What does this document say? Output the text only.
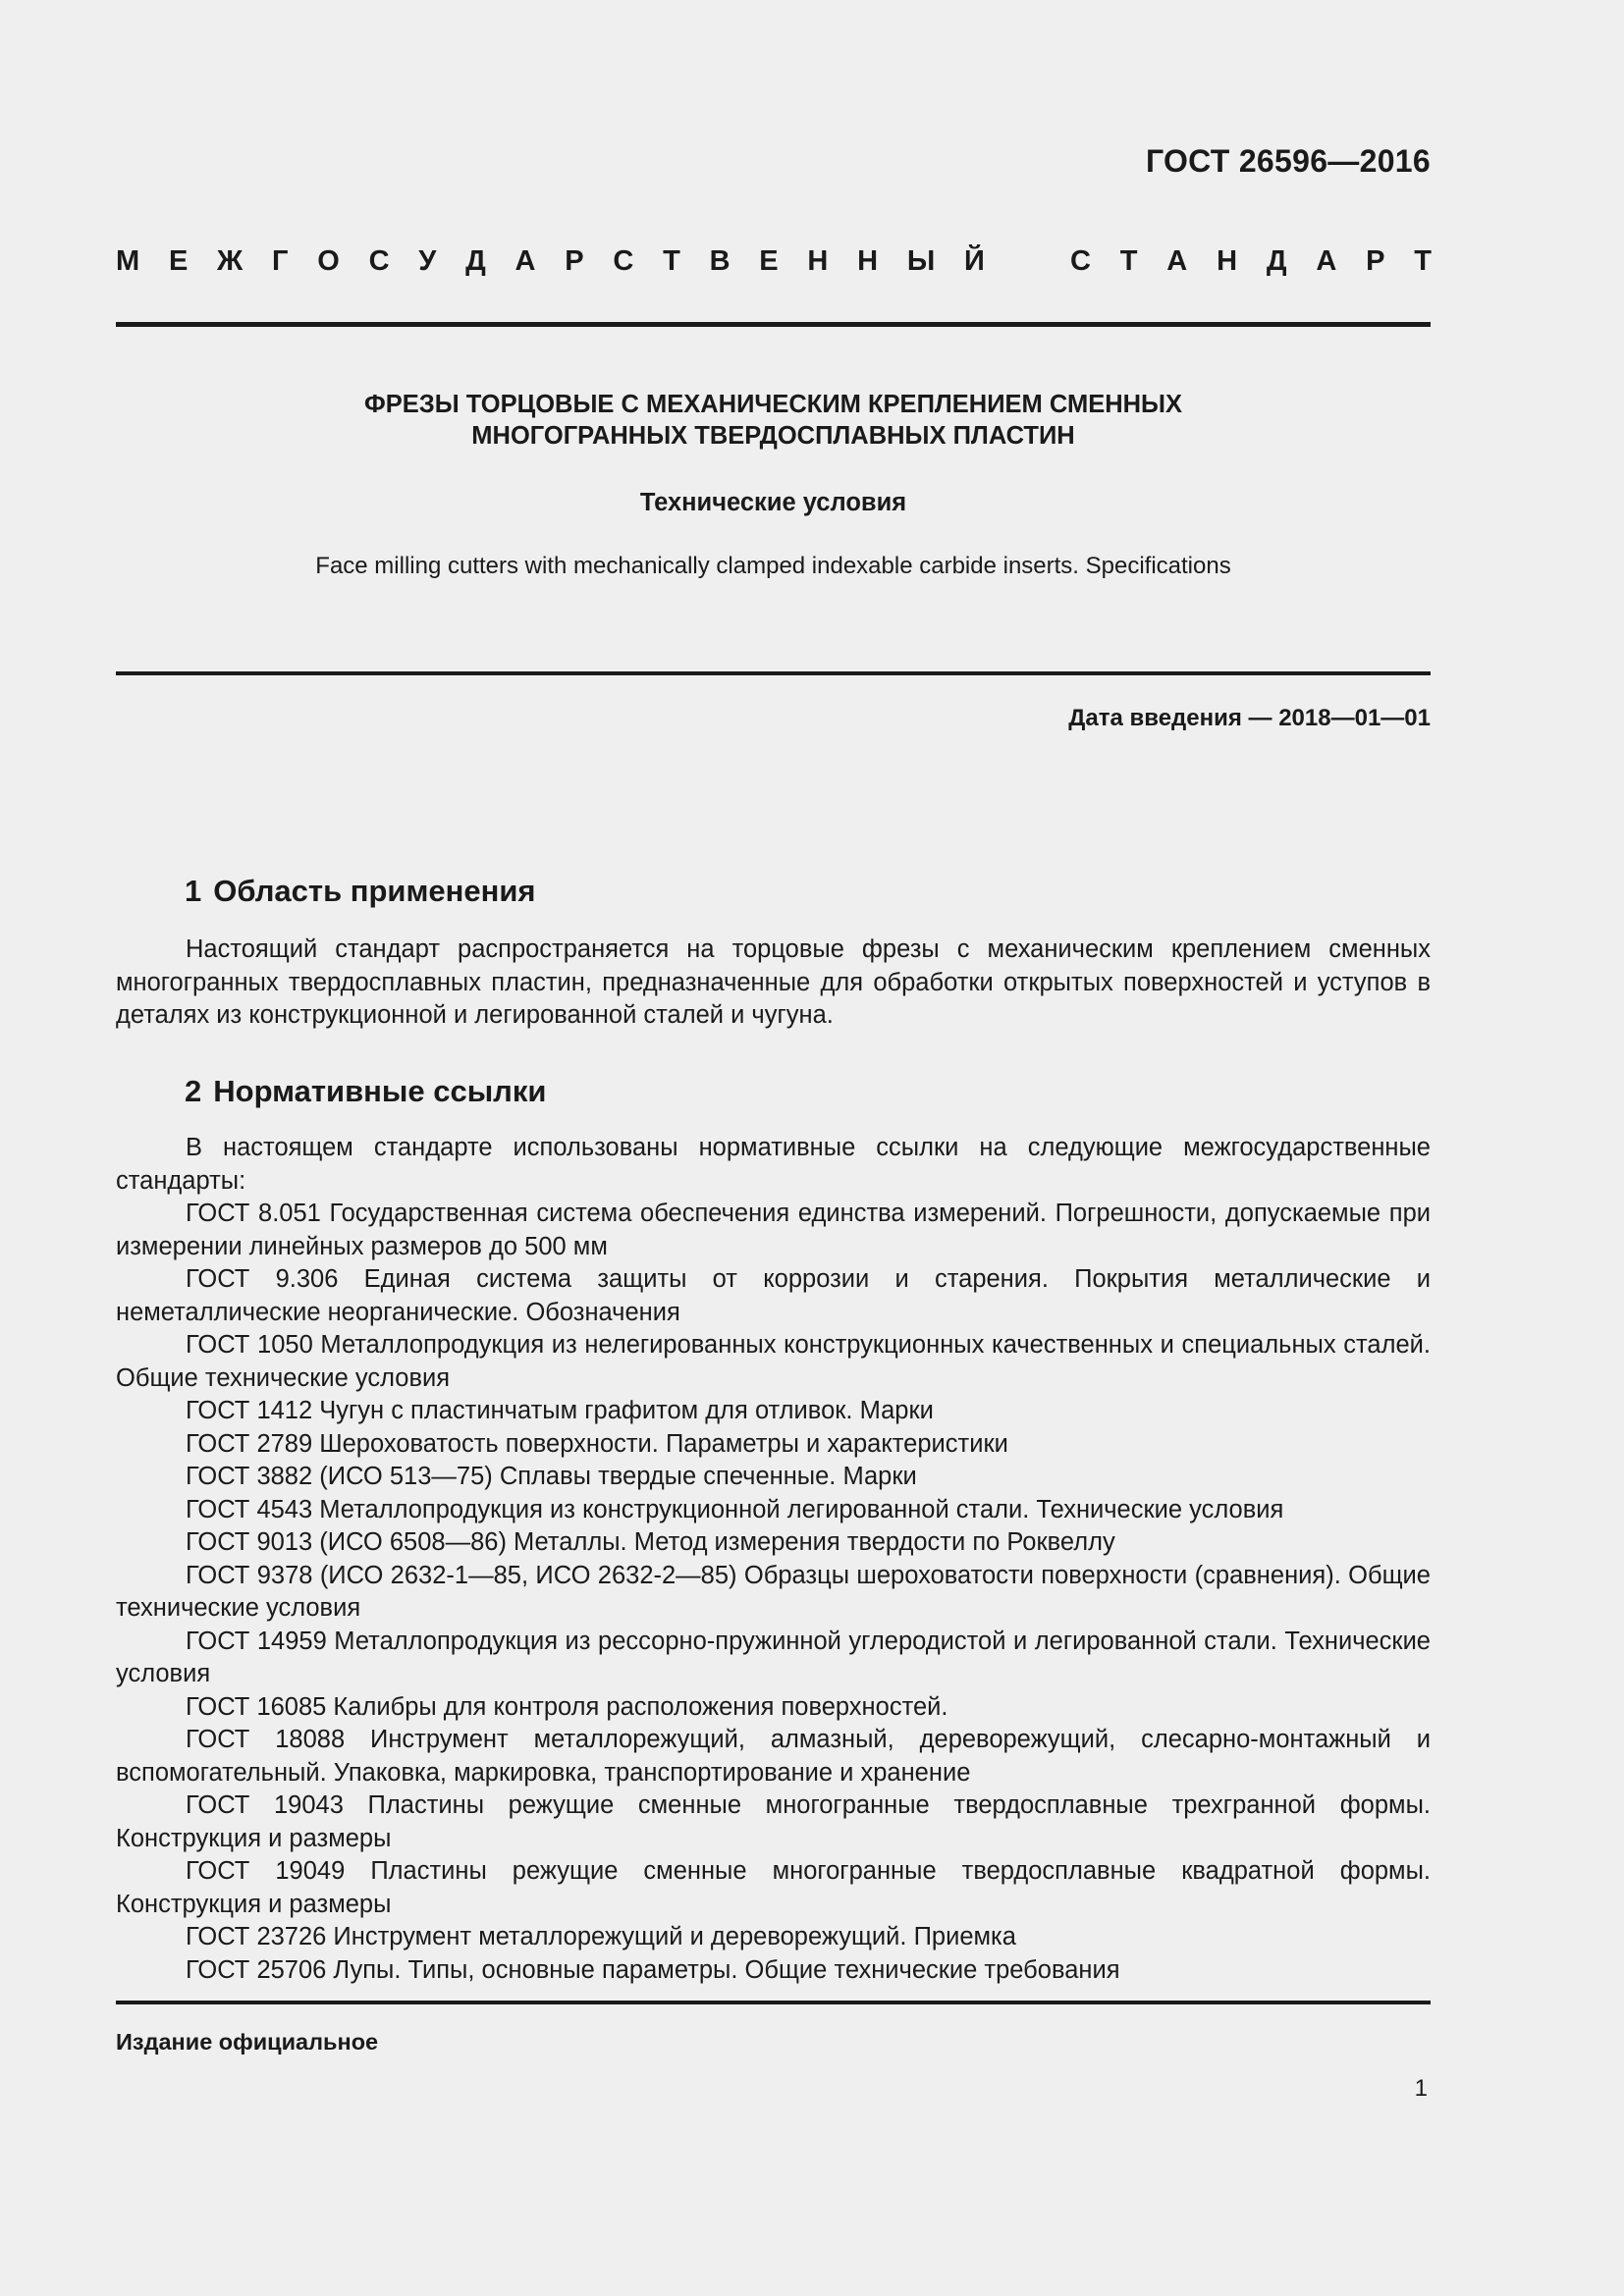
ГОСТ 26596—2016
М Е Ж Г О С У Д А Р С Т В Е Н Н Ы Й	С Т А Н Д А Р Т
ФРЕЗЫ ТОРЦОВЫЕ С МЕХАНИЧЕСКИМ КРЕПЛЕНИЕМ СМЕННЫХ
МНОГОГРАННЫХ ТВЕРДОСПЛАВНЫХ ПЛАСТИН
Технические условия
Face milling cutters with mechanically clamped indexable carbide inserts. Specifications
Дата введения — 2018—01—01
1 Область применения

Настоящий стандарт распространяется на торцовые фрезы с механическим креплением сменных многогранных твердосплавных пластин, предназначенные для обработки открытых поверхностей и уступов в деталях из конструкционной и легированной сталей и чугуна.

2 Нормативные ссылки

В настоящем стандарте использованы нормативные ссылки на следующие межгосударственные стандарты:

ГОСТ 8.051 Государственная система обеспечения единства измерений. Погрешности, допускаемые при измерении линейных размеров до 500 мм

ГОСТ 9.306 Единая система защиты от коррозии и старения. Покрытия металлические и неметаллические неорганические. Обозначения

ГОСТ 1050 Металлопродукция из нелегированных конструкционных качественных и специальных сталей. Общие технические условия

ГОСТ 1412 Чугун с пластинчатым графитом для отливок. Марки

ГОСТ 2789 Шероховатость поверхности. Параметры и характеристики

ГОСТ 3882 (ИСО 513—75) Сплавы твердые спеченные. Марки

ГОСТ 4543 Металлопродукция из конструкционной легированной стали. Технические условия

ГОСТ 9013 (ИСО 6508—86) Металлы. Метод измерения твердости по Роквеллу

ГОСТ 9378 (ИСО 2632-1—85, ИСО 2632-2—85) Образцы шероховатости поверхности (сравнения). Общие технические условия

ГОСТ 14959 Металлопродукция из рессорно-пружинной углеродистой и легированной стали. Технические условия

ГОСТ 16085 Калибры для контроля расположения поверхностей.

ГОСТ 18088 Инструмент металлорежущий, алмазный, дереворежущий, слесарно-монтажный и вспомогательный. Упаковка, маркировка, транспортирование и хранение

ГОСТ 19043 Пластины режущие сменные многогранные твердосплавные трехгранной формы. Конструкция и размеры

ГОСТ 19049 Пластины режущие сменные многогранные твердосплавные квадратной формы. Конструкция и размеры

ГОСТ 23726 Инструмент металлорежущий и дереворежущий. Приемка

ГОСТ 25706 Лупы. Типы, основные параметры. Общие технические требования

Издание официальное
1
